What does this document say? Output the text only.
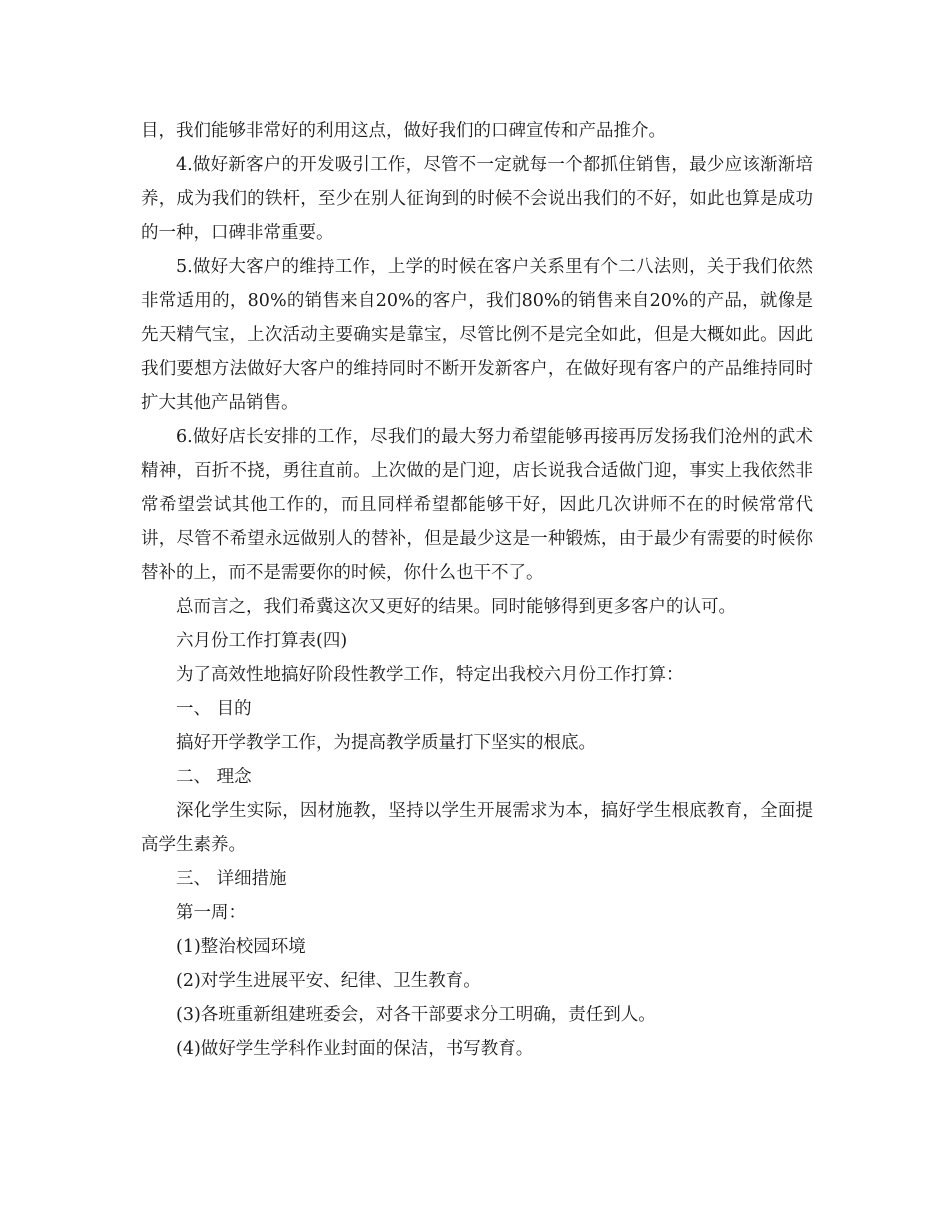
目，我们能够非常好的利用这点，做好我们的口碑宣传和产品推介。

4.做好新客户的开发吸引工作，尽管不一定就每一个都抓住销售，最少应该渐渐培养，成为我们的铁杆，至少在别人征询到的时候不会说出我们的不好，如此也算是成功的一种，口碑非常重要。

5.做好大客户的维持工作，上学的时候在客户关系里有个二八法则，关于我们依然非常适用的，80%的销售来自20%的客户，我们80%的销售来自20%的产品，就像是先天精气宝，上次活动主要确实是靠宝，尽管比例不是完全如此，但是大概如此。因此我们要想方法做好大客户的维持同时不断开发新客户，在做好现有客户的产品维持同时扩大其他产品销售。

6.做好店长安排的工作，尽我们的最大努力希望能够再接再厉发扬我们沧州的武术精神，百折不挠，勇往直前。上次做的是门迎，店长说我合适做门迎，事实上我依然非常希望尝试其他工作的，而且同样希望都能够干好，因此几次讲师不在的时候常常代讲，尽管不希望永远做别人的替补，但是最少这是一种锻炼，由于最少有需要的时候你替补的上，而不是需要你的时候，你什么也干不了。

总而言之，我们希冀这次又更好的结果。同时能够得到更多客户的认可。

六月份工作打算表(四)

为了高效性地搞好阶段性教学工作，特定出我校六月份工作打算：

一、 目的

搞好开学教学工作，为提高教学质量打下坚实的根底。

二、 理念

深化学生实际，因材施教，坚持以学生开展需求为本，搞好学生根底教育，全面提高学生素养。

三、 详细措施

第一周：

(1)整治校园环境

(2)对学生进展平安、纪律、卫生教育。

(3)各班重新组建班委会，对各干部要求分工明确，责任到人。

(4)做好学生学科作业封面的保洁，书写教育。
